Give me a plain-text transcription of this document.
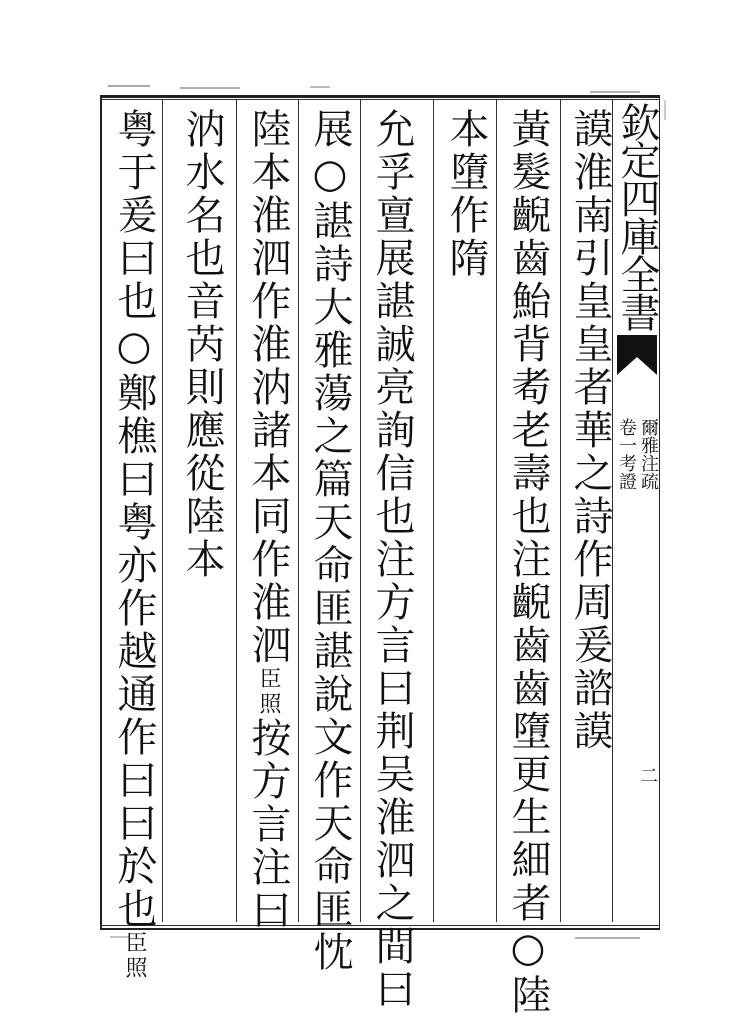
欽定四庫全書
爾雅注疏
卷一考證
二
謨淮南引皇皇者華之詩作周爰諮謨
黃髮齯齒鮐背耇老壽也注齯齒齒墮更生細者○陸
本墮作隋
允孚亶展諶誠亮詢信也注方言曰荆吴淮泗之間曰
展○諶詩大雅蕩之篇天命匪諶說文作天命匪忱
陸本淮泗作淮汭諸本同作淮泗臣照按方言注曰
汭水名也音芮則應從陸本
粤于爰曰也○鄭樵曰粤亦作越通作曰曰於也臣照
